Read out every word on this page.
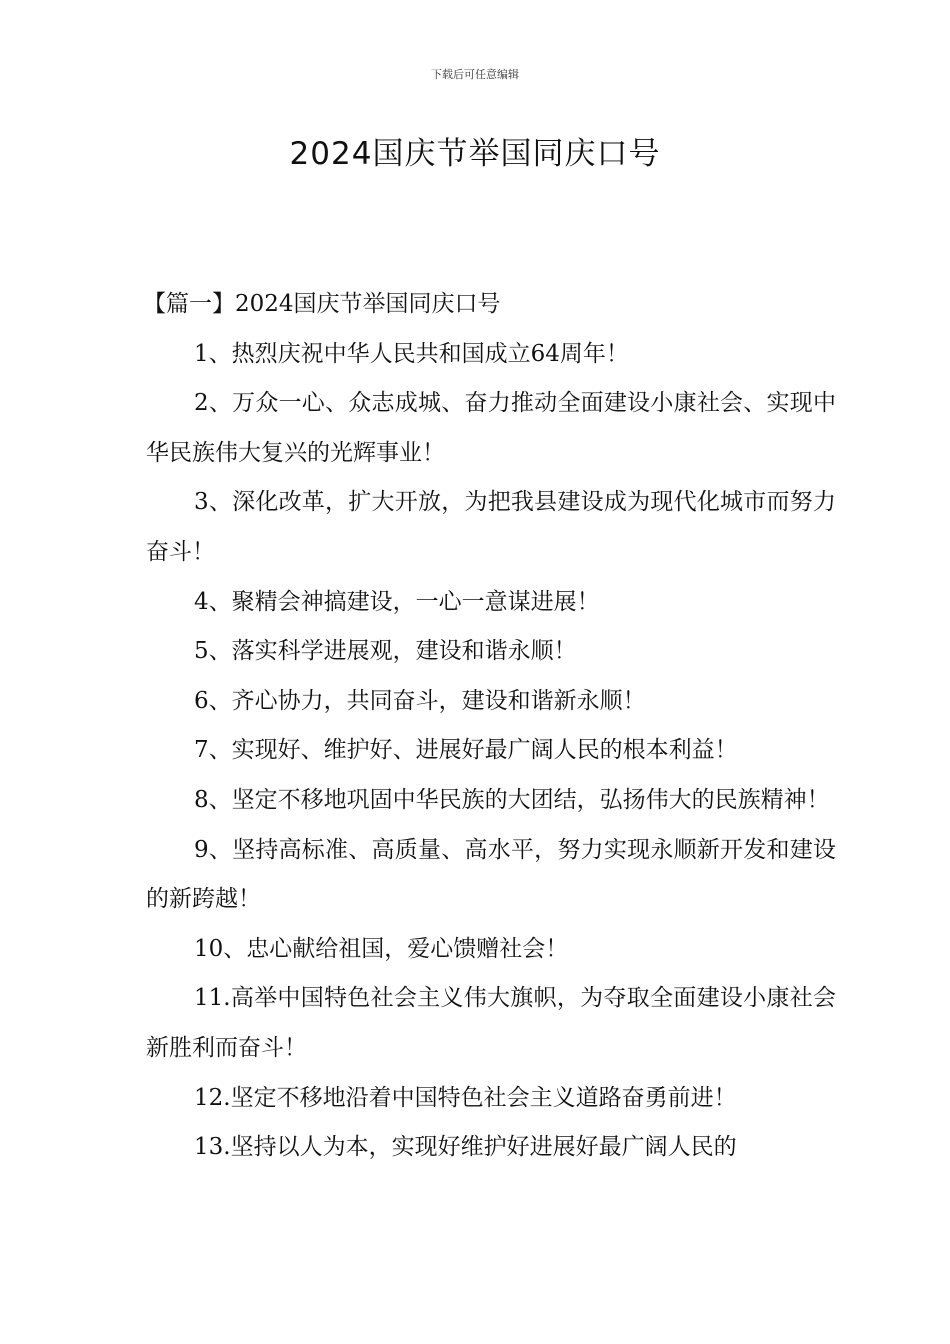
下载后可任意编辑
2024国庆节举国同庆口号

【篇一】2024国庆节举国同庆口号

1、热烈庆祝中华人民共和国成立64周年！

2、万众一心、众志成城、奋力推动全面建设小康社会、实现中华民族伟大复兴的光辉事业！

3、深化改革，扩大开放，为把我县建设成为现代化城市而努力奋斗！

4、聚精会神搞建设，一心一意谋进展！

5、落实科学进展观，建设和谐永顺！

6、齐心协力，共同奋斗，建设和谐新永顺！

7、实现好、维护好、进展好最广阔人民的根本利益！

8、坚定不移地巩固中华民族的大团结，弘扬伟大的民族精神！

9、坚持高标准、高质量、高水平，努力实现永顺新开发和建设的新跨越！

10、忠心献给祖国，爱心馈赠社会！

11.高举中国特色社会主义伟大旗帜，为夺取全面建设小康社会新胜利而奋斗！

12.坚定不移地沿着中国特色社会主义道路奋勇前进！

13.坚持以人为本，实现好维护好进展好最广阔人民的
